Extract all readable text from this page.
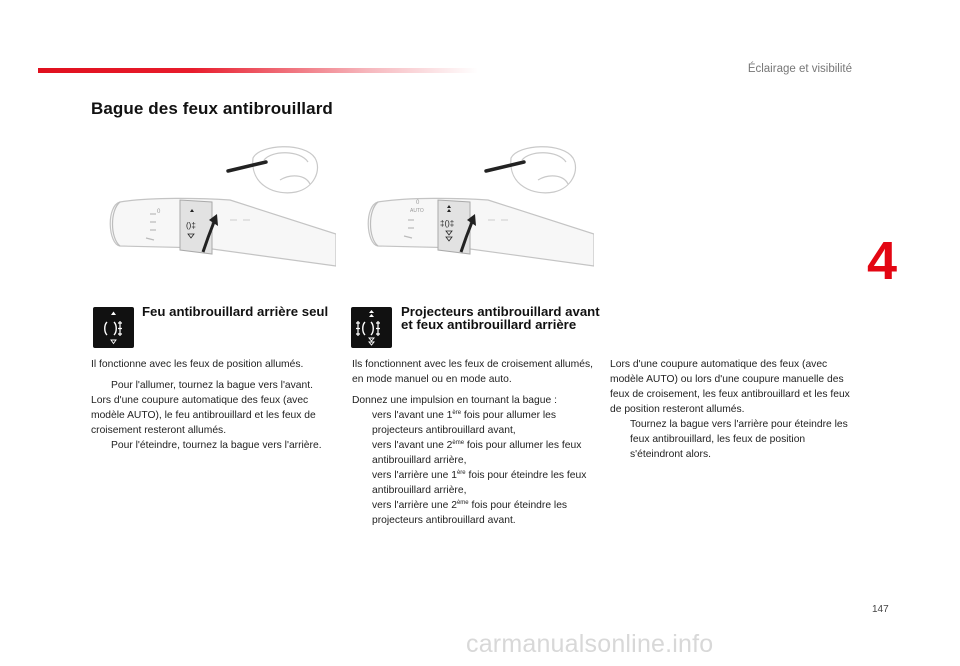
Éclairage et visibilité
Bague des feux antibrouillard
4
147
0
()‡
AUTO
0
‡()‡
Feu antibrouillard arrière seul
Il fonctionne avec les feux de position allumés.
Pour l'allumer, tournez la bague vers l'avant.
Lors d'une coupure automatique des feux (avec modèle AUTO), le feu antibrouillard et les feux de croisement resteront allumés.
Pour l'éteindre, tournez la bague vers l'arrière.
Projecteurs antibrouillard avant et feux antibrouillard arrière
Ils fonctionnent avec les feux de croisement allumés, en mode manuel ou en mode auto.
Donnez une impulsion en tournant la bague :
vers l'avant une 1ère fois pour allumer les projecteurs antibrouillard avant,
vers l'avant une 2ème fois pour allumer les feux antibrouillard arrière,
vers l'arrière une 1ère fois pour éteindre les feux antibrouillard arrière,
vers l'arrière une 2ème fois pour éteindre les projecteurs antibrouillard avant.
Lors d'une coupure automatique des feux (avec modèle AUTO) ou lors d'une coupure manuelle des feux de croisement, les feux antibrouillard et les feux de position resteront allumés.
Tournez la bague vers l'arrière pour éteindre les feux antibrouillard, les feux de position s'éteindront alors.
carmanualsonline.info
